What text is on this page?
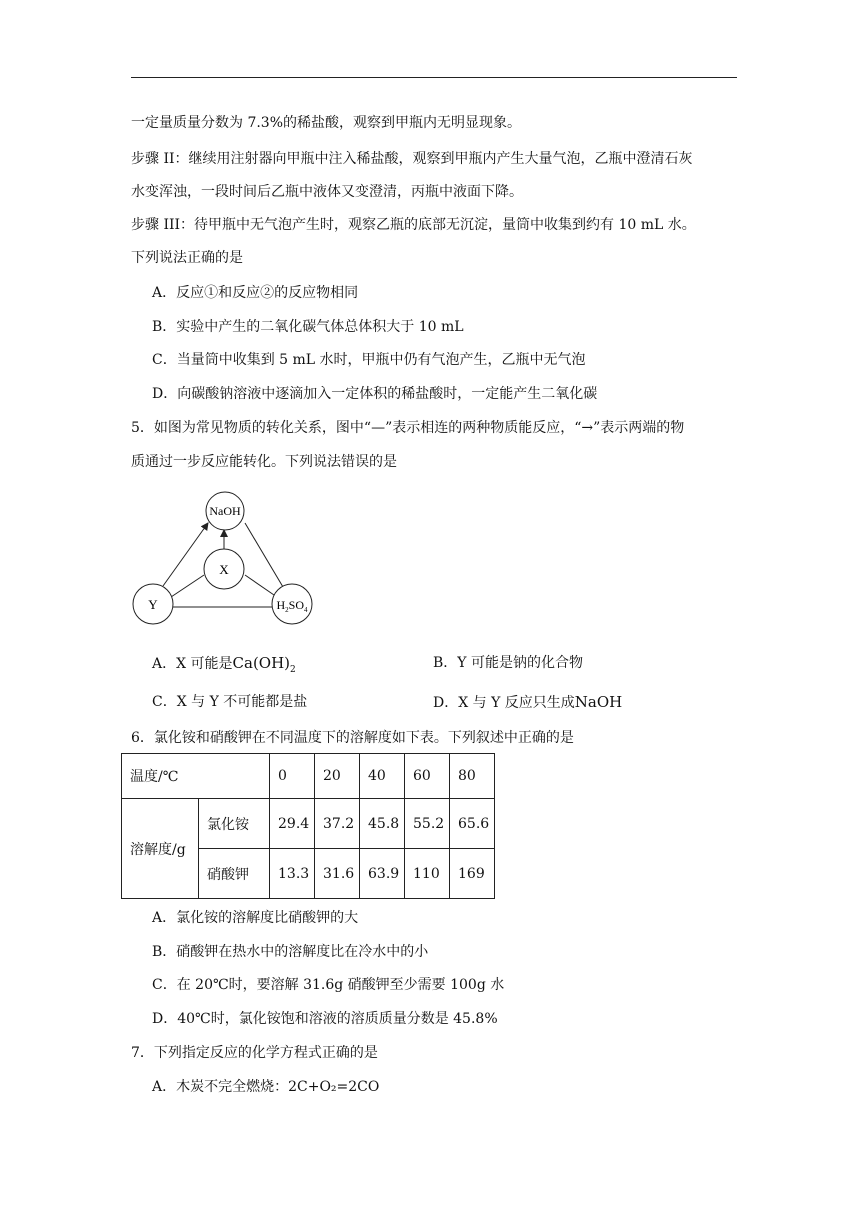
一定量质量分数为 7.3%的稀盐酸，观察到甲瓶内无明显现象。
步骤 II：继续用注射器向甲瓶中注入稀盐酸，观察到甲瓶内产生大量气泡，乙瓶中澄清石灰
水变浑浊，一段时间后乙瓶中液体又变澄清，丙瓶中液面下降。
步骤 III：待甲瓶中无气泡产生时，观察乙瓶的底部无沉淀，量筒中收集到约有 10 mL 水。
下列说法正确的是
A．反应①和反应②的反应物相同
B．实验中产生的二氧化碳气体总体积大于 10 mL
C．当量筒中收集到 5 mL 水时，甲瓶中仍有气泡产生，乙瓶中无气泡
D．向碳酸钠溶液中逐滴加入一定体积的稀盐酸时，一定能产生二氧化碳
5．如图为常见物质的转化关系，图中“—”表示相连的两种物质能反应，“→”表示两端的物
质通过一步反应能转化。下列说法错误的是
NaOH
X
Y	$H_2SO_4$
A．X 可能是$Ca(OH)_2$	B．Y 可能是钠的化合物
C．X 与 Y 不可能都是盐	D．X 与 Y 反应只生成NaOH
6．氯化铵和硝酸钾在不同温度下的溶解度如下表。下列叙述中正确的是
温度/℃		0	20	40	60	80
溶解度/g	氯化铵	29.4	37.2	45.8	55.2	65.6
	硝酸钾	13.3	31.6	63.9	110	169
A．氯化铵的溶解度比硝酸钾的大
B．硝酸钾在热水中的溶解度比在冷水中的小
C．在 20℃时，要溶解 31.6g 硝酸钾至少需要 100g 水
D．40℃时，氯化铵饱和溶液的溶质质量分数是 45.8%
7．下列指定反应的化学方程式正确的是
A．木炭不完全燃烧：2C+O₂=2CO
